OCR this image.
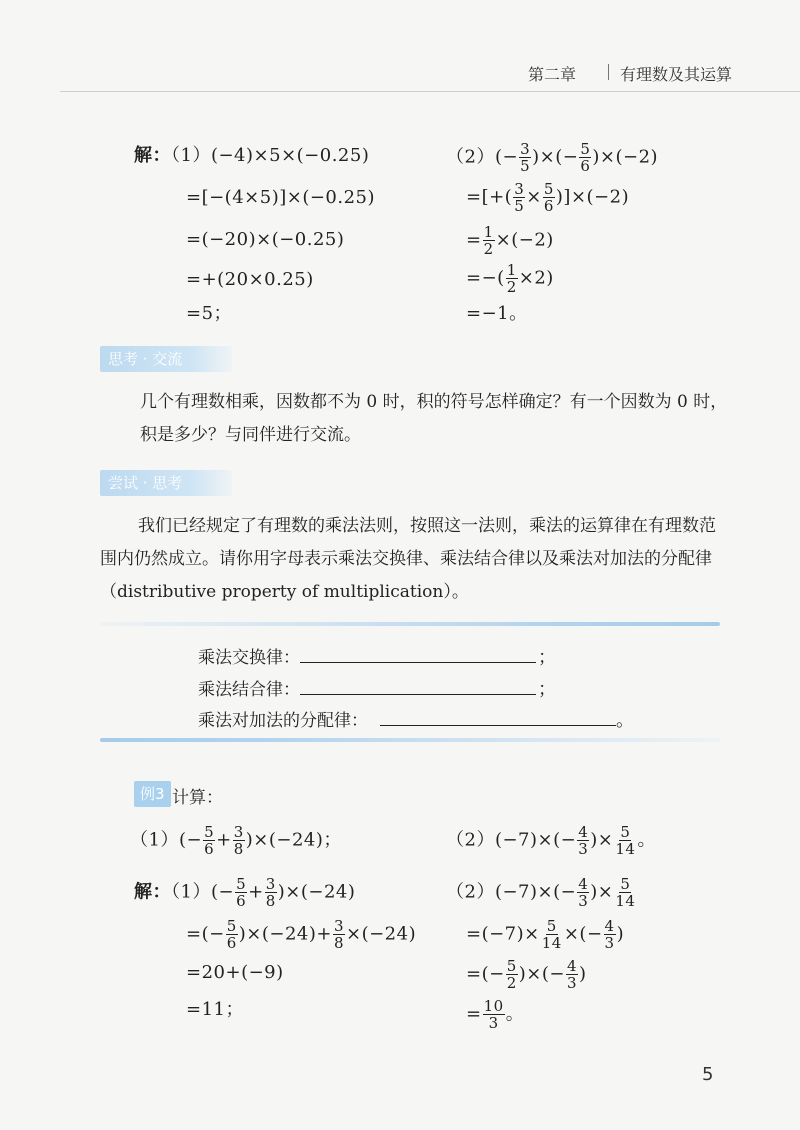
第二章	有理数及其运算
解：（1）(−4)×5×(−0.25)
=[−(4×5)]×(−0.25)
=(−20)×(−0.25)
=+(20×0.25)
=5；
$(2)(- \frac{3}{5}$ )×(− $\frac{5}{6} )\times(-2)$
=[+( $\frac{3}{5} \times \frac{5}{6} )]\times(-2)$
= $\frac{1}{2} \times(-2)$
=−( $\frac{1}{2} \times 2$)
=−1。
思考 · 交流
几个有理数相乘，因数都不为 0 时，积的符号怎样确定？有一个因数为 0 时，积是多少？与同伴进行交流。
尝试 · 思考
我们已经规定了有理数的乘法法则，按照这一法则，乘法的运算律在有理数范围内仍然成立。请你用字母表示乘法交换律、乘法结合律以及乘法对加法的分配律（distributive property of multiplication）。
乘法交换律：	；
乘法结合律：	；
乘法对加法的分配律：	。
例3 计算：
$(1)(- \frac{5}{6} + \frac{3}{8} )\times(-24)$；	$(2)(-7)\times(- \frac{4}{3}$ )× $\frac{5}{14}$ 。
解：$(1)(- \frac{5}{6} + \frac{3}{8} )\times(-24)$
=(− $\frac{5}{6} )\times(-24)+ \frac{3}{8} \times(-24)$
=20+(−9)
=11；
$(2)(-7)\times(- \frac{4}{3}$ )× $\frac{5}{14}$
$=(-7)\times \frac{5}{14}$ ×(− $\frac{4}{3}$ )
=(− $\frac{5}{2}$ )×(− $\frac{4}{3}$ )
= $\frac{10}{3}$ 。
5
